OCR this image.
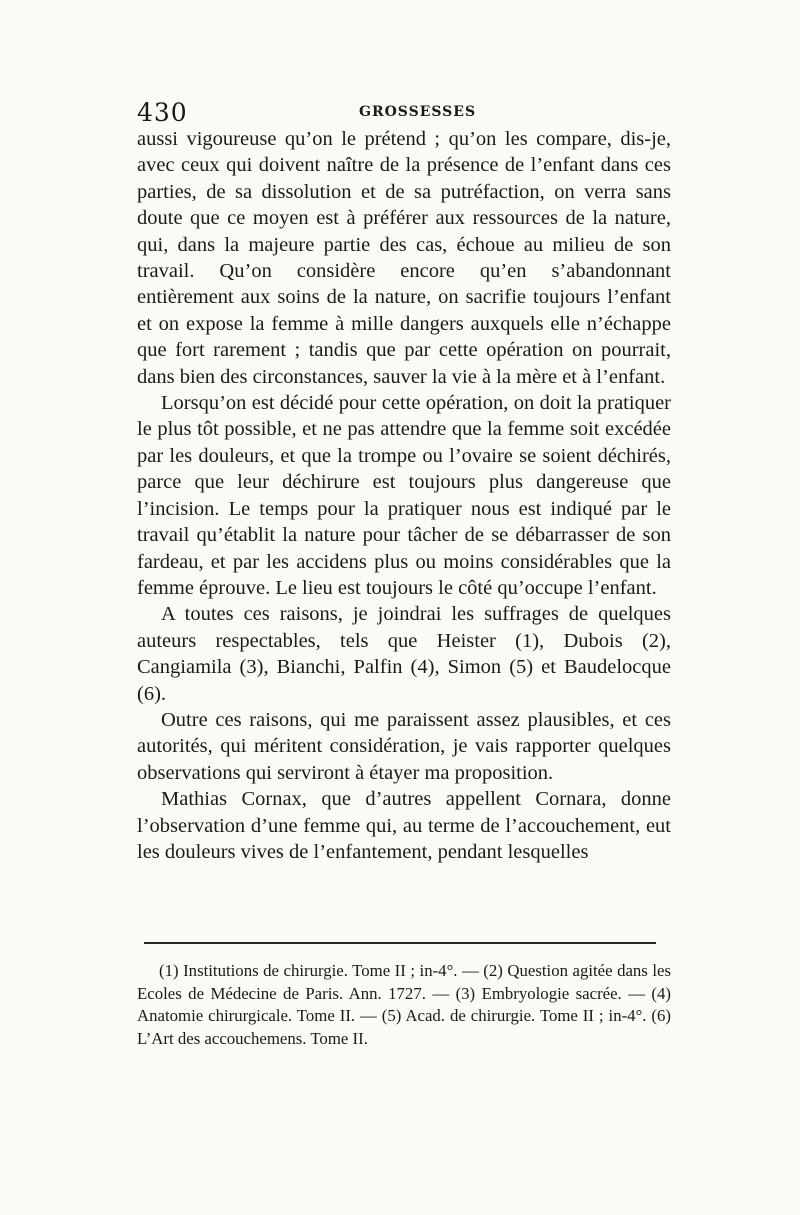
430	GROSSESSES

aussi vigoureuse qu’on le prétend ; qu’on les compare, dis-je, avec ceux qui doivent naître de la présence de l’enfant dans ces parties, de sa dissolution et de sa putréfaction, on verra sans doute que ce moyen est à préférer aux ressources de la nature, qui, dans la majeure partie des cas, échoue au milieu de son travail. Qu’on considère encore qu’en s’abandonnant entièrement aux soins de la nature, on sacrifie toujours l’enfant et on expose la femme à mille dangers auxquels elle n’échappe que fort rarement ; tandis que par cette opération on pourrait, dans bien des circonstances, sauver la vie à la mère et à l’enfant.

Lorsqu’on est décidé pour cette opération, on doit la pratiquer le plus tôt possible, et ne pas attendre que la femme soit excédée par les douleurs, et que la trompe ou l’ovaire se soient déchirés, parce que leur déchirure est toujours plus dangereuse que l’incision. Le temps pour la pratiquer nous est indiqué par le travail qu’établit la nature pour tâcher de se débarrasser de son fardeau, et par les accidens plus ou moins considérables que la femme éprouve. Le lieu est toujours le côté qu’occupe l’enfant.

A toutes ces raisons, je joindrai les suffrages de quelques auteurs respectables, tels que Heister (1), Dubois (2), Cangiamila (3), Bianchi, Palfin (4), Simon (5) et Baudelocque (6).

Outre ces raisons, qui me paraissent assez plausibles, et ces autorités, qui méritent considération, je vais rapporter quelques observations qui serviront à étayer ma proposition.

Mathias Cornax, que d’autres appellent Cornara, donne l’observation d’une femme qui, au terme de l’accouchement, eut les douleurs vives de l’enfantement, pendant lesquelles

(1) Institutions de chirurgie. Tome II ; in-4°. — (2) Question agitée dans les Ecoles de Médecine de Paris. Ann. 1727. — (3) Embryologie sacrée. — (4) Anatomie chirurgicale. Tome II. — (5) Acad. de chirurgie. Tome II ; in-4°. (6) L’Art des accouchemens. Tome II.
